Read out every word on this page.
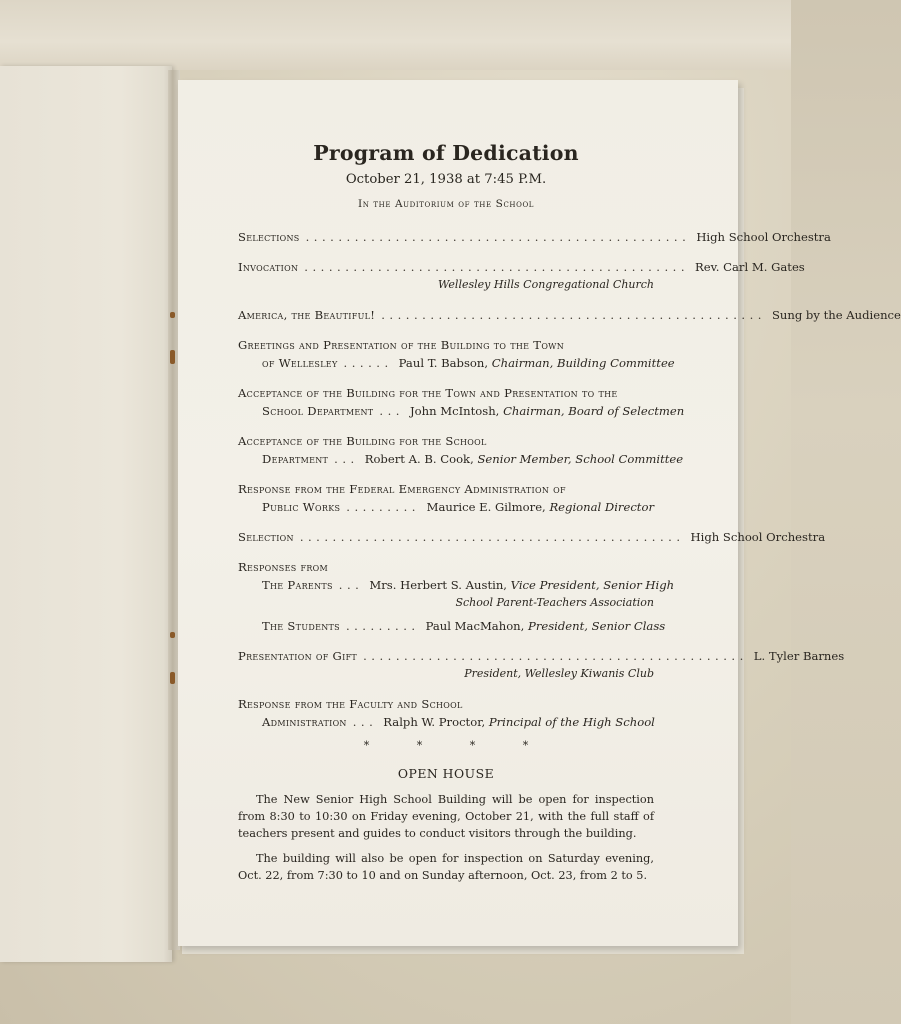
Program of Dedication
October 21, 1938 at 7:45 P.M.
In the Auditorium of the School
Selections ............................................... High School Orchestra
Invocation ............................................... Rev. Carl M. Gates
Wellesley Hills Congregational Church
America, the Beautiful! ............................................... Sung by the Audience
Greetings and Presentation of the Building to the Town
of Wellesley ...... Paul T. Babson, Chairman, Building Committee
Acceptance of the Building for the Town and Presentation to the
School Department ... John McIntosh, Chairman, Board of Selectmen
Acceptance of the Building for the School
Department ... Robert A. B. Cook, Senior Member, School Committee
Response from the Federal Emergency Administration of
Public Works ......... Maurice E. Gilmore, Regional Director
Selection ............................................... High School Orchestra
Responses from
The Parents ... Mrs. Herbert S. Austin, Vice President, Senior High
School Parent-Teachers Association
The Students ......... Paul MacMahon, President, Senior Class
Presentation of Gift ............................................... L. Tyler Barnes
President, Wellesley Kiwanis Club
Response from the Faculty and School
Administration ... Ralph W. Proctor, Principal of the High School
* * * *
OPEN HOUSE

The New Senior High School Building will be open for inspection from 8:30 to 10:30 on Friday evening, October 21, with the full staff of teachers present and guides to conduct visitors through the building.

The building will also be open for inspection on Saturday evening, Oct. 22, from 7:30 to 10 and on Sunday afternoon, Oct. 23, from 2 to 5.
